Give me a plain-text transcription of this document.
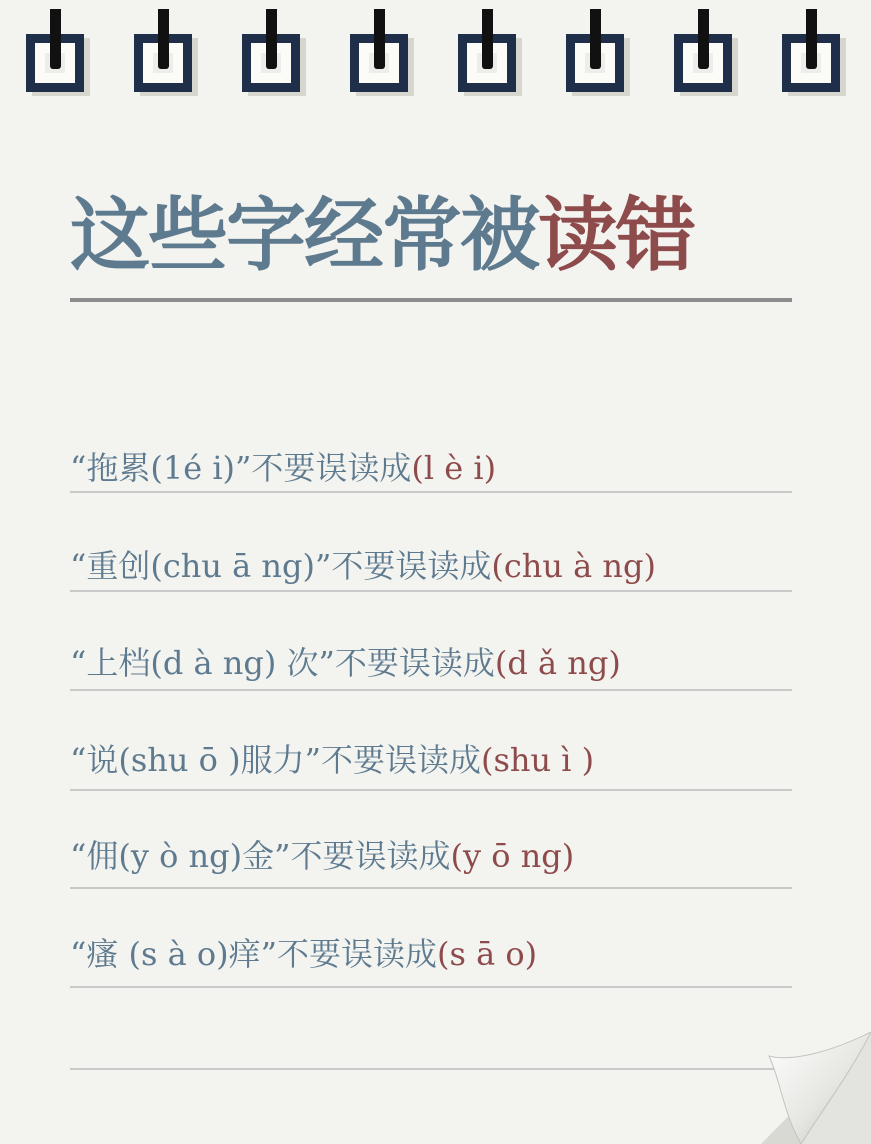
这些字经常被读错
“拖累(1é i)”不要误读成(l è i)
“重创(chu ā ng)”不要误读成(chu à ng)
“上档(d à ng) 次”不要误读成(d ǎ ng)
“说(shu ō )服力”不要误读成(shu ì )
“佣(y ò ng)金”不要误读成(y ō ng)
“瘙 (s à o)痒”不要误读成(s ā o)
